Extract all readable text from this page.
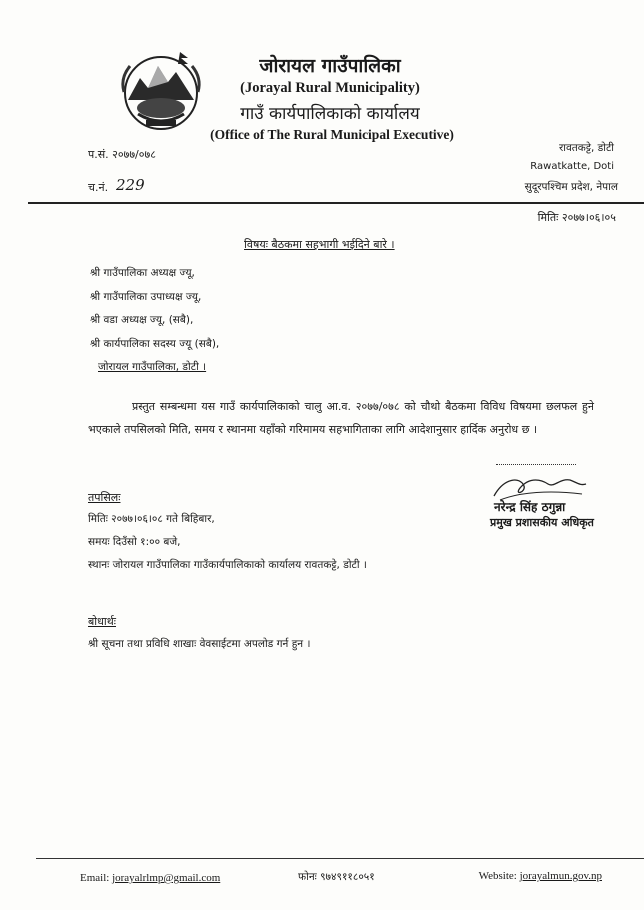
जोरायल गाउँपालिका
(Jorayal Rural Municipality)
गाउँ कार्यपालिकाको कार्यालय
(Office of The Rural Municipal Executive)
प.सं. २०७७/०७८
च.नं. 229
रावतकट्टे, डोटी
Rawatkatte, Doti
सुदूरपश्चिम प्रदेश, नेपाल
मितिः २०७७।०६।०५
विषयः बैठकमा सहभागी भईदिने बारे ।
श्री गाउँपालिका अध्यक्ष ज्यू,
श्री गाउँपालिका उपाध्यक्ष ज्यू,
श्री वडा अध्यक्ष ज्यू, (सबै),
श्री कार्यपालिका सदस्य ज्यू (सबै),
जोरायल गाउँपालिका, डोटी ।
प्रस्तुत सम्बन्धमा यस गाउँ कार्यपालिकाको चालु आ.व. २०७७/०७८ को चौथो बैठकमा विविध विषयमा छलफल हुने भएकाले तपसिलको मिति, समय र स्थानमा यहाँको गरिमामय सहभागिताका लागि आदेशानुसार हार्दिक अनुरोध छ ।
नरेन्द्र सिंह ठगुन्ना
प्रमुख प्रशासकीय अधिकृत
तपसिलः
मितिः २०७७।०६।०८ गते बिहिबार,
समयः दिउँसो १:०० बजे,
स्थानः जोरायल गाउँपालिका गाउँकार्यपालिकाको कार्यालय रावतकट्टे, डोटी ।
बोधार्थः
श्री सूचना तथा प्रविधि शाखाः वेवसाईटमा अपलोड गर्न हुन ।
Email: jorayalrlmp@gmail.com	फोनः ९७४९११८०५१	Website: jorayalmun.gov.np
